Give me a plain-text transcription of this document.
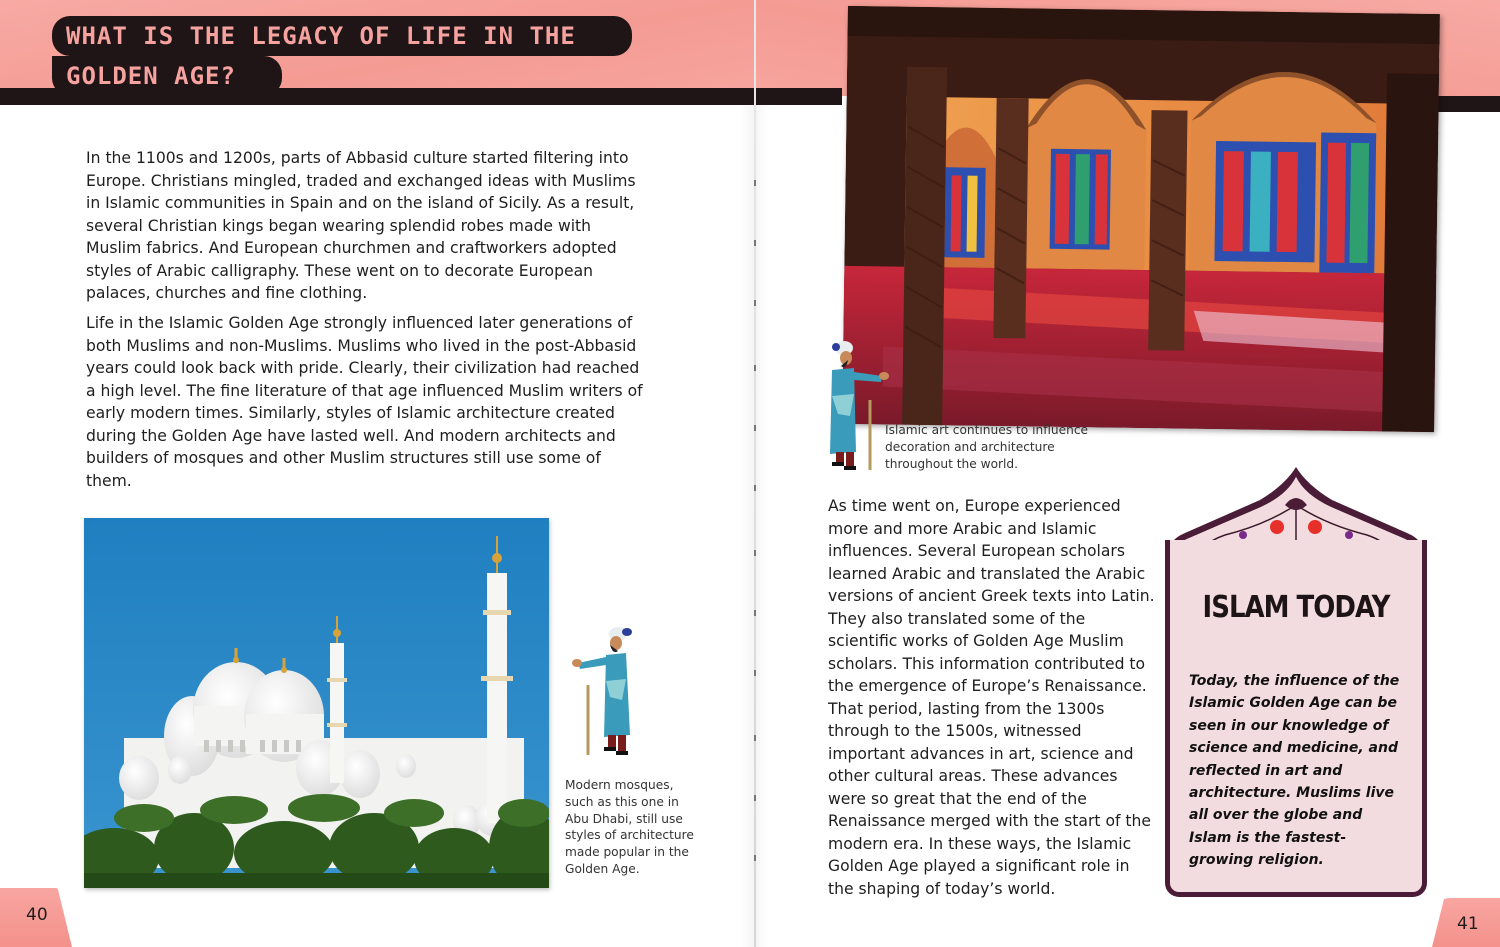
WHAT IS THE LEGACY OF LIFE IN THE
GOLDEN AGE?

In the 1100s and 1200s, parts of Abbasid culture started filtering into Europe. Christians mingled, traded and exchanged ideas with Muslims in Islamic communities in Spain and on the island of Sicily. As a result, several Christian kings began wearing splendid robes made with Muslim fabrics. And European churchmen and craftworkers adopted styles of Arabic calligraphy. These went on to decorate European palaces, churches and fine clothing.

Life in the Islamic Golden Age strongly influenced later generations of both Muslims and non-Muslims. Muslims who lived in the post-Abbasid years could look back with pride. Clearly, their civilization had reached a high level. The fine literature of that age influenced Muslim writers of early modern times. Similarly, styles of Islamic architecture created during the Golden Age have lasted well. And modern architects and builders of mosques and other Muslim structures still use some of them.

Modern mosques, such as this one in Abu Dhabi, still use styles of architecture made popular in the Golden Age.

40

Islamic art continues to influence decoration and architecture throughout the world.

As time went on, Europe experienced more and more Arabic and Islamic influences. Several European scholars learned Arabic and translated the Arabic versions of ancient Greek texts into Latin. They also translated some of the scientific works of Golden Age Muslim scholars. This information contributed to the emergence of Europe’s Renaissance. That period, lasting from the 1300s through to the 1500s, witnessed important advances in art, science and other cultural areas. These advances were so great that the end of the Renaissance merged with the start of the modern era. In these ways, the Islamic Golden Age played a significant role in the shaping of today’s world.

ISLAM TODAY

Today, the influence of the Islamic Golden Age can be seen in our knowledge of science and medicine, and reflected in art and architecture. Muslims live all over the globe and Islam is the fastest-growing religion.

41
